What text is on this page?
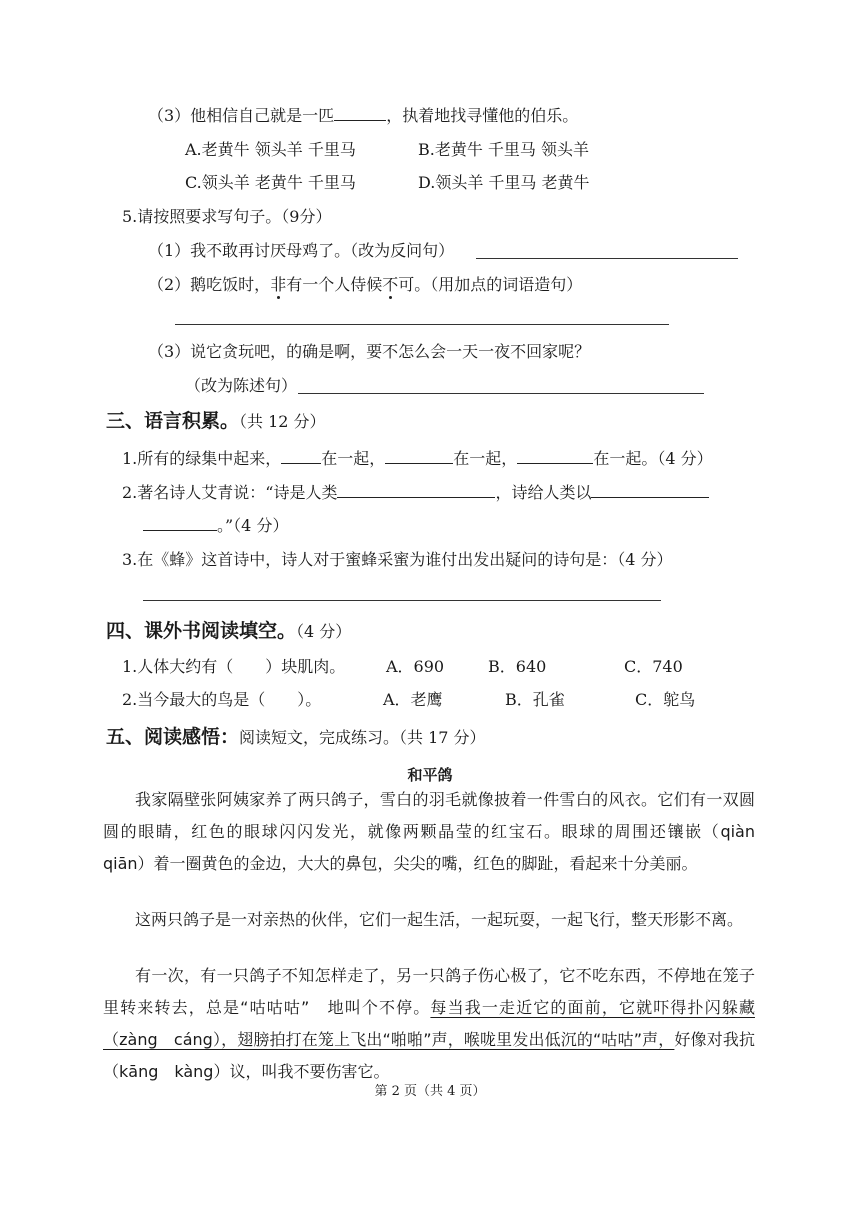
（3）他相信自己就是一匹	，执着地找寻懂他的伯乐。
A.老黄牛 领头羊 千里马	B.老黄牛 千里马 领头羊
C.领头羊 老黄牛 千里马	D.领头羊 千里马 老黄牛
5.请按照要求写句子。（9分）
（1）我不敢再讨厌母鸡了。（改为反问句）
（2）鹅吃饭时，非有一个人侍候不可。（用加点的词语造句）
（3）说它贪玩吧，的确是啊，要不怎么会一天一夜不回家呢？
（改为陈述句）
三、语言积累。（共 12 分）
1.所有的绿集中起来，	在一起，	在一起，	在一起。（4 分）
2.著名诗人艾青说：“诗是人类	，诗给人类以
。”（4 分）
3.在《蜂》这首诗中，诗人对于蜜蜂采蜜为谁付出发出疑问的诗句是：（4 分）
四、课外书阅读填空。（4 分）
1.人体大约有（　　）块肌肉。	A．690	B．640	C．740
2.当今最大的鸟是（　　）。	A．老鹰	B．孔雀	C．鸵鸟
五、阅读感悟：阅读短文，完成练习。（共 17 分）
和平鸽
我家隔壁张阿姨家养了两只鸽子，雪白的羽毛就像披着一件雪白的风衣。它们有一双圆圆的眼睛，红色的眼球闪闪发光，就像两颗晶莹的红宝石。眼球的周围还镶嵌（qiàn　qiān）着一圈黄色的金边，大大的鼻包，尖尖的嘴，红色的脚趾，看起来十分美丽。
这两只鸽子是一对亲热的伙伴，它们一起生活，一起玩耍，一起飞行，整天形影不离。
有一次，有一只鸽子不知怎样走了，另一只鸽子伤心极了，它不吃东西，不停地在笼子里转来转去，总是“咕咕咕”　地叫个不停。每当我一走近它的面前，它就吓得扑闪躲藏（zàng　cáng），翅膀拍打在笼上飞出“啪啪”声，喉咙里发出低沉的“咕咕”声，好像对我抗（kāng　kàng）议，叫我不要伤害它。
第 2 页（共 4 页）
